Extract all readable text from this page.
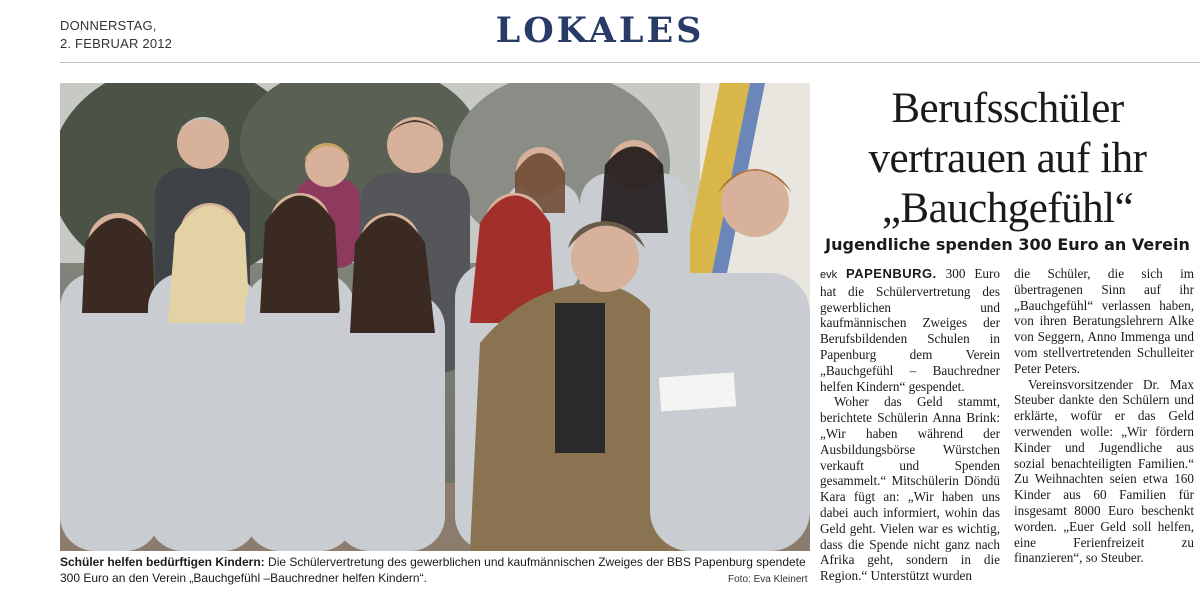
DONNERSTAG,
2. FEBRUAR 2012	LOKALES
Schüler helfen bedürftigen Kindern: Die Schülervertretung des gewerblichen und kaufmännischen Zweiges der BBS Papenburg spendete 300 Euro an den Verein „Bauchgefühl –Bauchredner helfen Kindern“.	Foto: Eva Kleinert
Berufsschüler
vertrauen auf ihr
„Bauchgefühl“
Jugendliche spenden 300 Euro an Verein

evk PAPENBURG. 300 Euro hat die Schülervertretung des gewerblichen und kaufmännischen Zweiges der Berufsbildenden Schulen in Papenburg dem Verein „Bauchgefühl – Bauchredner helfen Kindern“ gespendet.

Woher das Geld stammt, berichtete Schülerin Anna Brink: „Wir haben während der Ausbildungsbörse Würstchen verkauft und Spenden gesammelt.“ Mitschülerin Döndü Kara fügt an: „Wir haben uns dabei auch informiert, wohin das Geld geht. Vielen war es wichtig, dass die Spende nicht ganz nach Afrika geht, sondern in die Region.“ Unterstützt wurden

die Schüler, die sich im übertragenen Sinn auf ihr „Bauchgefühl“ verlassen haben, von ihren Beratungslehrern Alke von Seggern, Anno Immenga und vom stellvertretenden Schulleiter Peter Peters.

Vereinsvorsitzender Dr. Max Steuber dankte den Schülern und erklärte, wofür er das Geld verwenden wolle: „Wir fördern Kinder und Jugendliche aus sozial benachteiligten Familien.“ Zu Weihnachten seien etwa 160 Kinder aus 60 Familien für insgesamt 8000 Euro beschenkt worden. „Euer Geld soll helfen, eine Ferienfreizeit zu finanzieren“, so Steuber.
